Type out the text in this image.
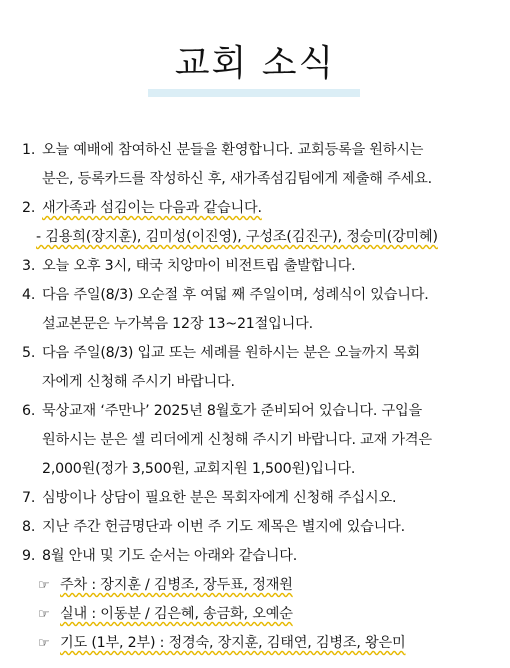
교회 소식
1. 오늘 예배에 참여하신 분들을 환영합니다. 교회등록을 원하시는
분은, 등록카드를 작성하신 후, 새가족섬김팀에게 제출해 주세요.
2. 새가족과 섬김이는 다음과 같습니다.
- 김용희(장지훈), 김미성(이진영), 구성조(김진구), 정승미(강미혜)
3. 오늘 오후 3시, 태국 치앙마이 비전트립 출발합니다.
4. 다음 주일(8/3) 오순절 후 여덟 째 주일이며, 성례식이 있습니다.
설교본문은 누가복음 12장 13~21절입니다.
5. 다음 주일(8/3) 입교 또는 세례를 원하시는 분은 오늘까지 목회
자에게 신청해 주시기 바랍니다.
6. 묵상교재 ‘주만나’ 2025년 8월호가 준비되어 있습니다. 구입을
원하시는 분은 셀 리더에게 신청해 주시기 바랍니다. 교재 가격은
2,000원(정가 3,500원, 교회지원 1,500원)입니다.
7. 심방이나 상담이 필요한 분은 목회자에게 신청해 주십시오.
8. 지난 주간 헌금명단과 이번 주 기도 제목은 별지에 있습니다.
9. 8월 안내 및 기도 순서는 아래와 같습니다.
☞ 주차 : 장지훈 / 김병조, 장두표, 정재원
☞ 실내 : 이동분 / 김은혜, 송금화, 오예순
☞ 기도 (1부, 2부) : 정경숙, 장지훈, 김태연, 김병조, 왕은미
